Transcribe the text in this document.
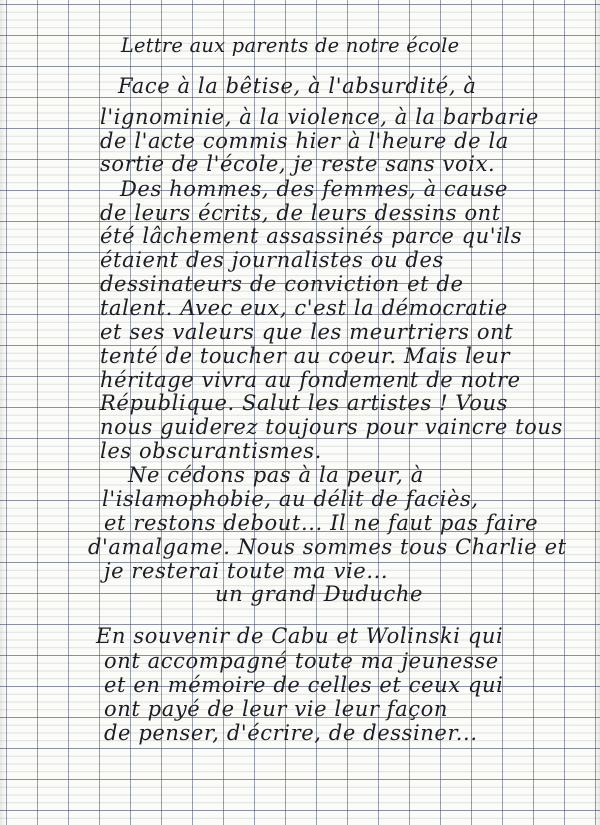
Lettre aux parents de notre école
Face à la bêtise, à l'absurdité, à
l'ignominie, à la violence, à la barbarie
de l'acte commis hier à l'heure de la
sortie de l'école, je reste sans voix.
Des hommes, des femmes, à cause
de leurs écrits, de leurs dessins ont
été lâchement assassinés parce qu'ils
étaient des journalistes ou des
dessinateurs de conviction et de
talent. Avec eux, c'est la démocratie
et ses valeurs que les meurtriers ont
tenté de toucher au coeur. Mais leur
héritage vivra au fondement de notre
République. Salut les artistes ! Vous
nous guiderez toujours pour vaincre tous
les obscurantismes.
Ne cédons pas à la peur, à
l'islamophobie, au délit de faciès,
et restons debout... Il ne faut pas faire
d'amalgame. Nous sommes tous Charlie et
je resterai toute ma vie...
un grand Duduche
En souvenir de Cabu et Wolinski qui
ont accompagné toute ma jeunesse
et en mémoire de celles et ceux qui
ont payé de leur vie leur façon
de penser, d'écrire, de dessiner...
